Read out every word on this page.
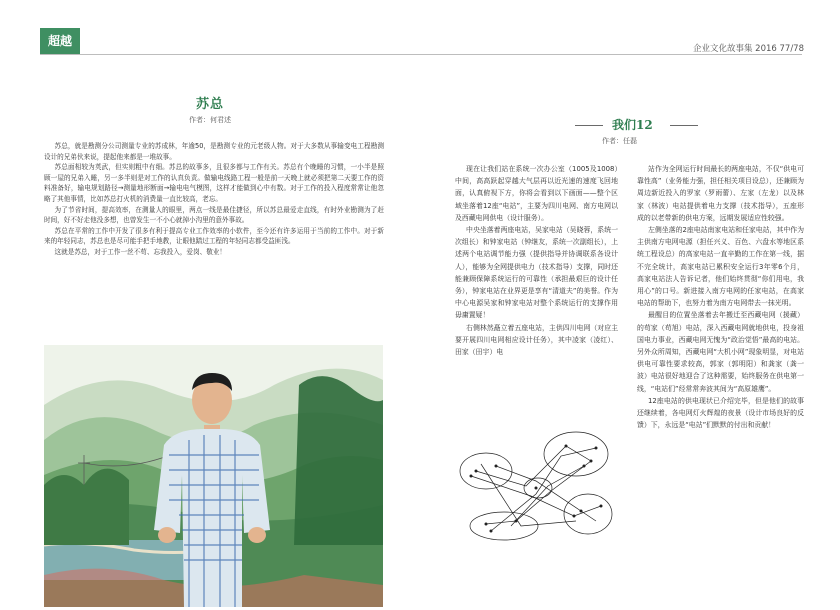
超越
企业文化故事集 2016 77/78
苏总
作者：何君述

苏总，就是勘测分公司测量专业的苏成林，年逾50，是勘测专业的元老级人物。对于大多数从事输变电工程勘测设计的兄弟伙来说，提起他来都是一堆故事。

苏总面相较为英武，但实则粗中有细。苏总的故事多，且很多都与工作有关。苏总有个晚睡的习惯，一小半是照顾一屋的兄弟入睡，另一多半则是对工作的认真负责。做输电线路工程一般是前一天晚上就必须把第二天要工作的资料准备好，输电规划路径→测量地形断面→输电电气模图，这样才能做到心中有数。对于工作的投入程度常常让他忽略了其他事情，比如苏总打火机的消费量一直比较高，老忘。

为了节省时间，提高效率，在测量人的眼里，两点一线是最佳捷径，所以苏总最爱走直线，有时外业勘测为了赶时间，好不好走他没多想，也曾发生一不小心就掉小沟里的意外事故。

苏总在平常的工作中开发了很多有利于提高专业工作效率的小软件，至今还有许多运用于当前的工作中。对于新来的年轻同志，苏总也是尽可能手把手地教，让眼他踏过工程的年轻同志都受益匪浅。

这就是苏总，对于工作一丝不苟、忘我投入，爱岗、敬业！

我们12
作者：任磊

现在让我们站在系统一次办公室（1005及1008）中间，高高跃起穿越大气层再以近光速的速度飞回地面，认真俯视下方，你将会看到以下画面——整个区域坐落着12座“电站”，主要为四川电网、南方电网以及西藏电网供电（设计服务）。

中央坐落着两座电站，吴家电站（吴晓蓉，系统一次组长）和钟家电站（钟继友，系统一次副组长），上述两个电站调节能力强（提供指导并协调联系各设计人），能够为全网提供电力（技术指导）支撑，同时还能兼顾保障系统运行的可靠性（承担最艰巨的设计任务），钟家电站在业界更是享有“清道夫”的美誉。作为中心电源吴家和钟家电站对整个系统运行的支撑作用毋庸置疑！

右侧林然矗立着五座电站，主供四川电网（对应主要开展四川电网相应设计任务），其中凌家（凌红）、田家（田宇）电

站作为全网运行时间最长的两座电站，不仅“供电可靠性高”（业务能力强，担任相关项目设总），还兼顾为周边新近投入的罗家（罗雨蕾）、左家（左龙）以及林家（林波）电站提供着电力支撑（技术指导），五座形成的以老带新的供电方案，远期发展适应性较强。

左侧坐落的2座电站南家电站和任家电站，其中作为主供南方电网电源（担任兴义、百色、六盘水等地区系统工程设总）的高家电站一直辛勤的工作在第一线，据不完全统计，高家电站已累积安全运行3年零6个月，高家电站法人告诉记者，他们始终贯彻“你们用电，我用心”的口号。新进接入南方电网的任家电站，在高家电站的帮助下，也努力着为南方电网带去一抹光明。

最醒目的位置坐落着去年搬迁至西藏电网（援藏）的苟家（苟旭）电站，深入西藏电网就地供电，投身祖国电力事业，西藏电网无愧为“政治觉悟”最高的电站。另外众所周知，西藏电网“大机小网”现象明显，对电站供电可靠性要求较高，郭家（郭明阳）和龚家（龚一波）电站很好地迎合了这种需要，始终服务在供电第一线，“电站们”经常常奔波其间为“高原雄鹰”。

12座电站的供电现状已介绍完毕，但是他们的故事还继续着，各电网灯火辉煌的夜景（设计市场良好的反馈）下，永远是“电站”们默默的付出和贡献！
